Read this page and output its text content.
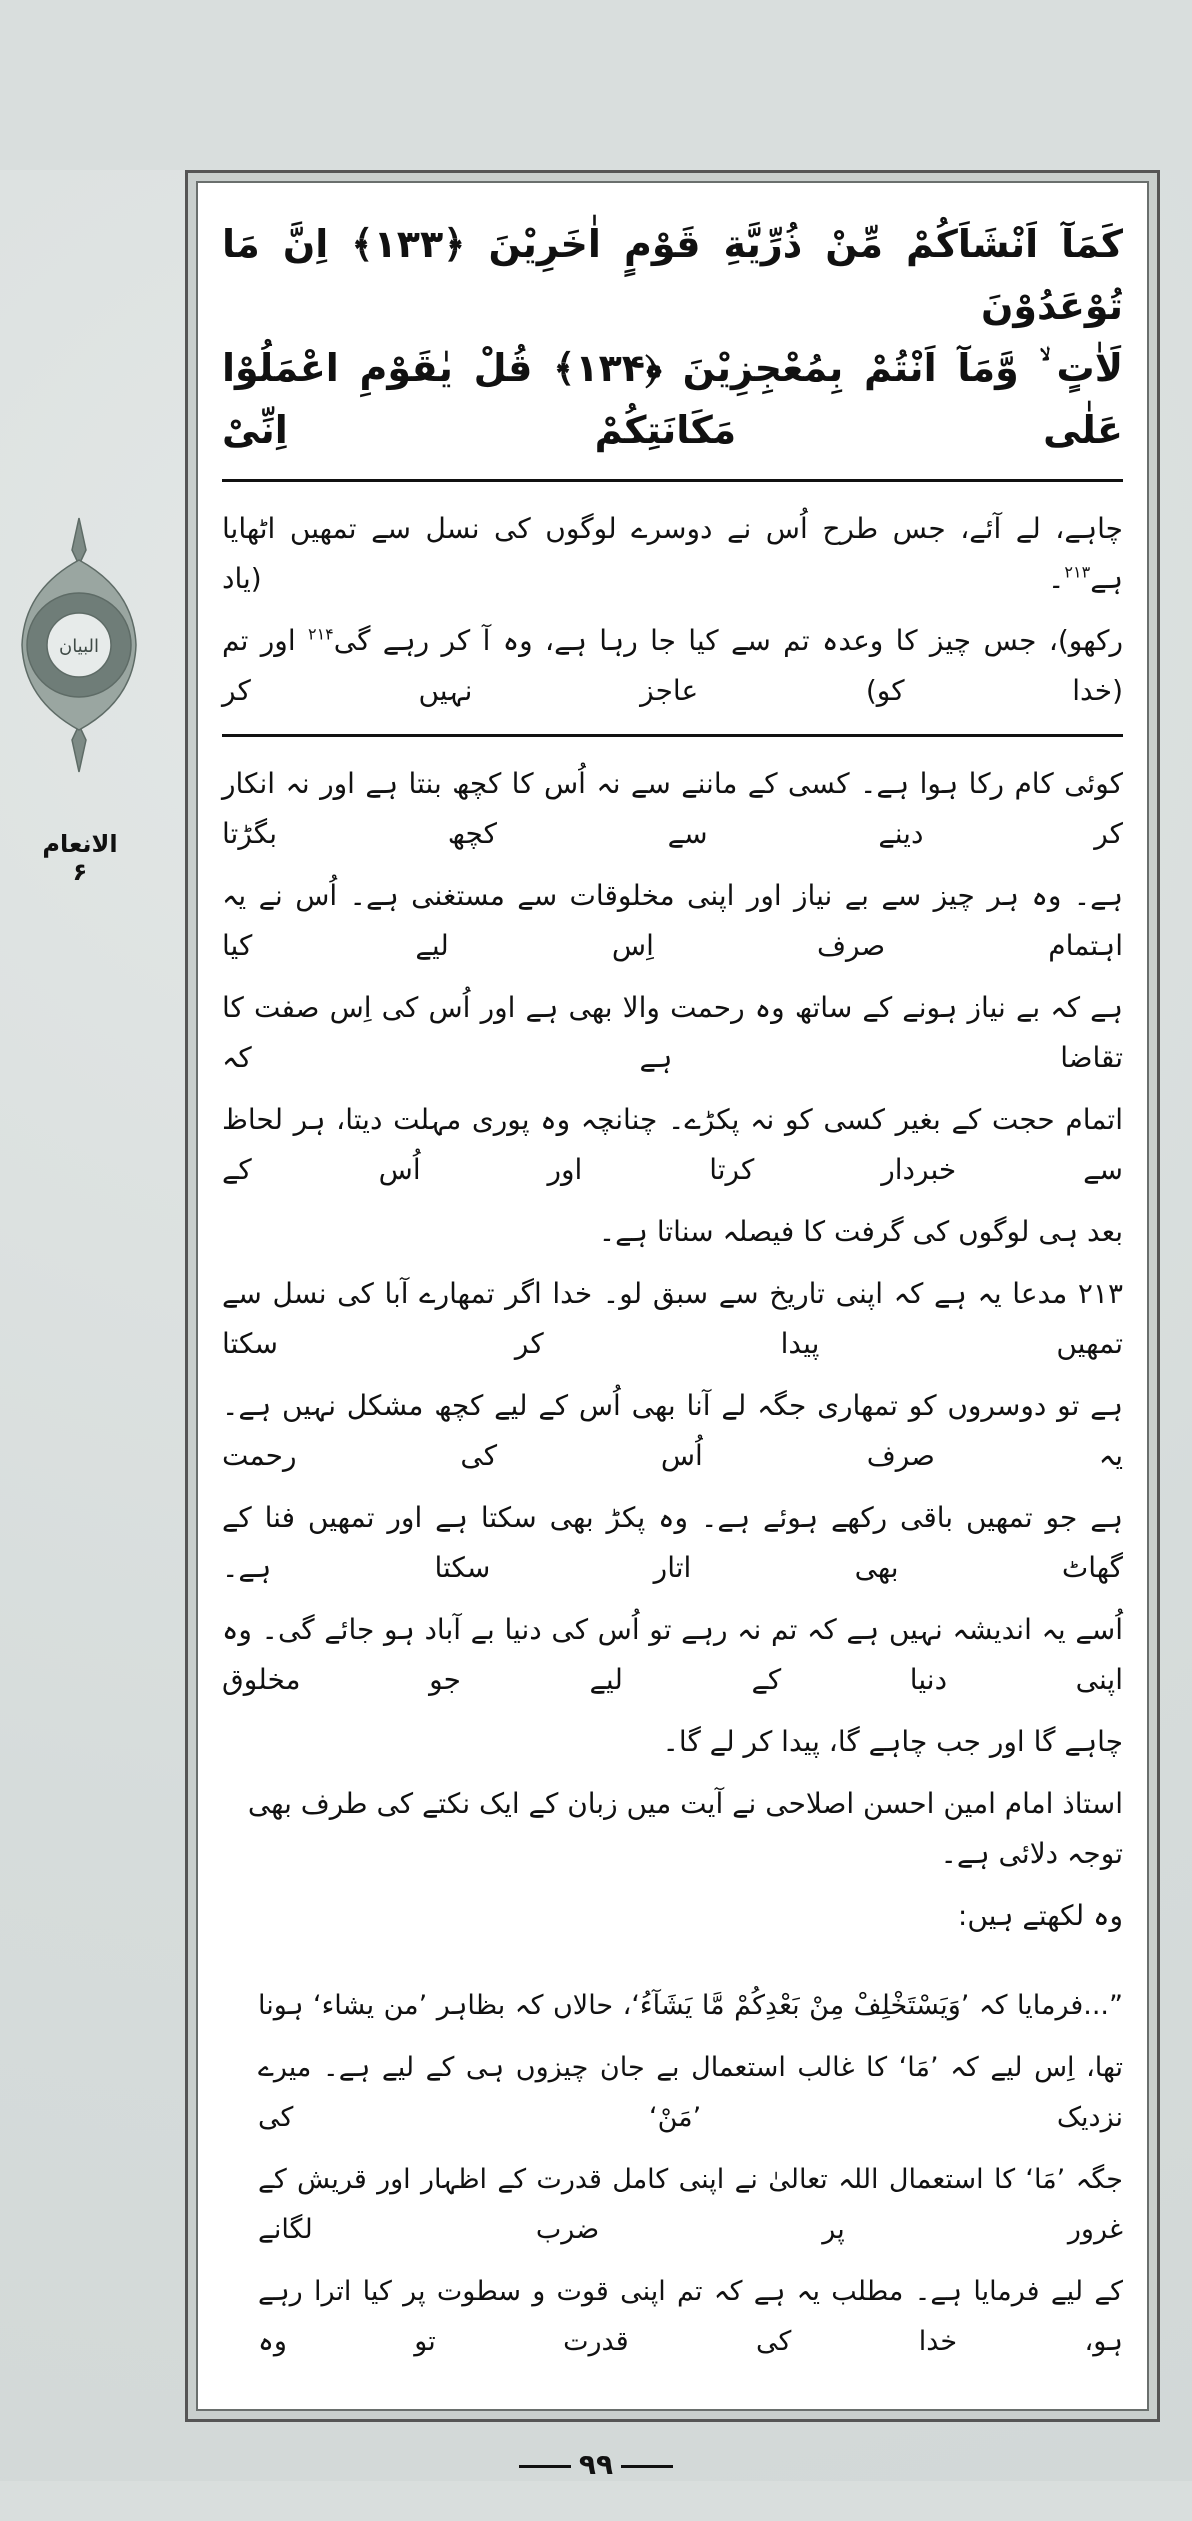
البیان
الانعام
۶
كَمَآ اَنْشَاَكُمْ مِّنْ ذُرِّيَّةِ قَوْمٍ اٰخَرِيْنَ ﴿۱۳۳﴾ اِنَّ مَا تُوْعَدُوْنَ
لَاٰتٍ ۙ وَّمَآ اَنْتُمْ بِمُعْجِزِيْنَ ﴿۱۳۴﴾ قُلْ يٰقَوْمِ اعْمَلُوْا عَلٰى مَكَانَتِكُمْ اِنِّىْ
چاہے، لے آئے، جس طرح اُس نے دوسرے لوگوں کی نسل سے تمھیں اٹھایا ہے$^{۲۱۳}$۔ (یاد
رکھو)، جس چیز کا وعدہ تم سے کیا جا رہا ہے، وہ آ کر رہے گی$^{۲۱۴}$ اور تم (خدا کو) عاجز نہیں کر
کوئی کام رکا ہوا ہے۔ کسی کے ماننے سے نہ اُس کا کچھ بنتا ہے اور نہ انکار کر دینے سے کچھ بگڑتا
ہے۔ وہ ہر چیز سے بے نیاز اور اپنی مخلوقات سے مستغنی ہے۔ اُس نے یہ اہتمام صرف اِس لیے کیا
ہے کہ بے نیاز ہونے کے ساتھ وہ رحمت والا بھی ہے اور اُس کی اِس صفت کا تقاضا ہے کہ
اتمام حجت کے بغیر کسی کو نہ پکڑے۔ چنانچہ وہ پوری مہلت دیتا، ہر لحاظ سے خبردار کرتا اور اُس کے
بعد ہی لوگوں کی گرفت کا فیصلہ سناتا ہے۔
۲۱۳ مدعا یہ ہے کہ اپنی تاریخ سے سبق لو۔ خدا اگر تمھارے آبا کی نسل سے تمھیں پیدا کر سکتا
ہے تو دوسروں کو تمھاری جگہ لے آنا بھی اُس کے لیے کچھ مشکل نہیں ہے۔ یہ صرف اُس کی رحمت
ہے جو تمھیں باقی رکھے ہوئے ہے۔ وہ پکڑ بھی سکتا ہے اور تمھیں فنا کے گھاٹ بھی اتار سکتا ہے۔
اُسے یہ اندیشہ نہیں ہے کہ تم نہ رہے تو اُس کی دنیا بے آباد ہو جائے گی۔ وہ اپنی دنیا کے لیے جو مخلوق
چاہے گا اور جب چاہے گا، پیدا کر لے گا۔
استاذ امام امین احسن اصلاحی نے آیت میں زبان کے ایک نکتے کی طرف بھی توجہ دلائی ہے۔
وہ لکھتے ہیں:
”...فرمایا کہ ’وَيَسْتَخْلِفْ مِنْ بَعْدِكُمْ مَّا يَشَآءُ‘، حالاں کہ بظاہر ’من یشاء‘ ہونا
تھا، اِس لیے کہ ’مَا‘ کا غالب استعمال بے جان چیزوں ہی کے لیے ہے۔ میرے نزدیک ’مَنْ‘ کی
جگہ ’مَا‘ کا استعمال اللہ تعالیٰ نے اپنی کامل قدرت کے اظہار اور قریش کے غرور پر ضرب لگانے
کے لیے فرمایا ہے۔ مطلب یہ ہے کہ تم اپنی قوت و سطوت پر کیا اترا رہے ہو، خدا کی قدرت تو وہ
۹۹
